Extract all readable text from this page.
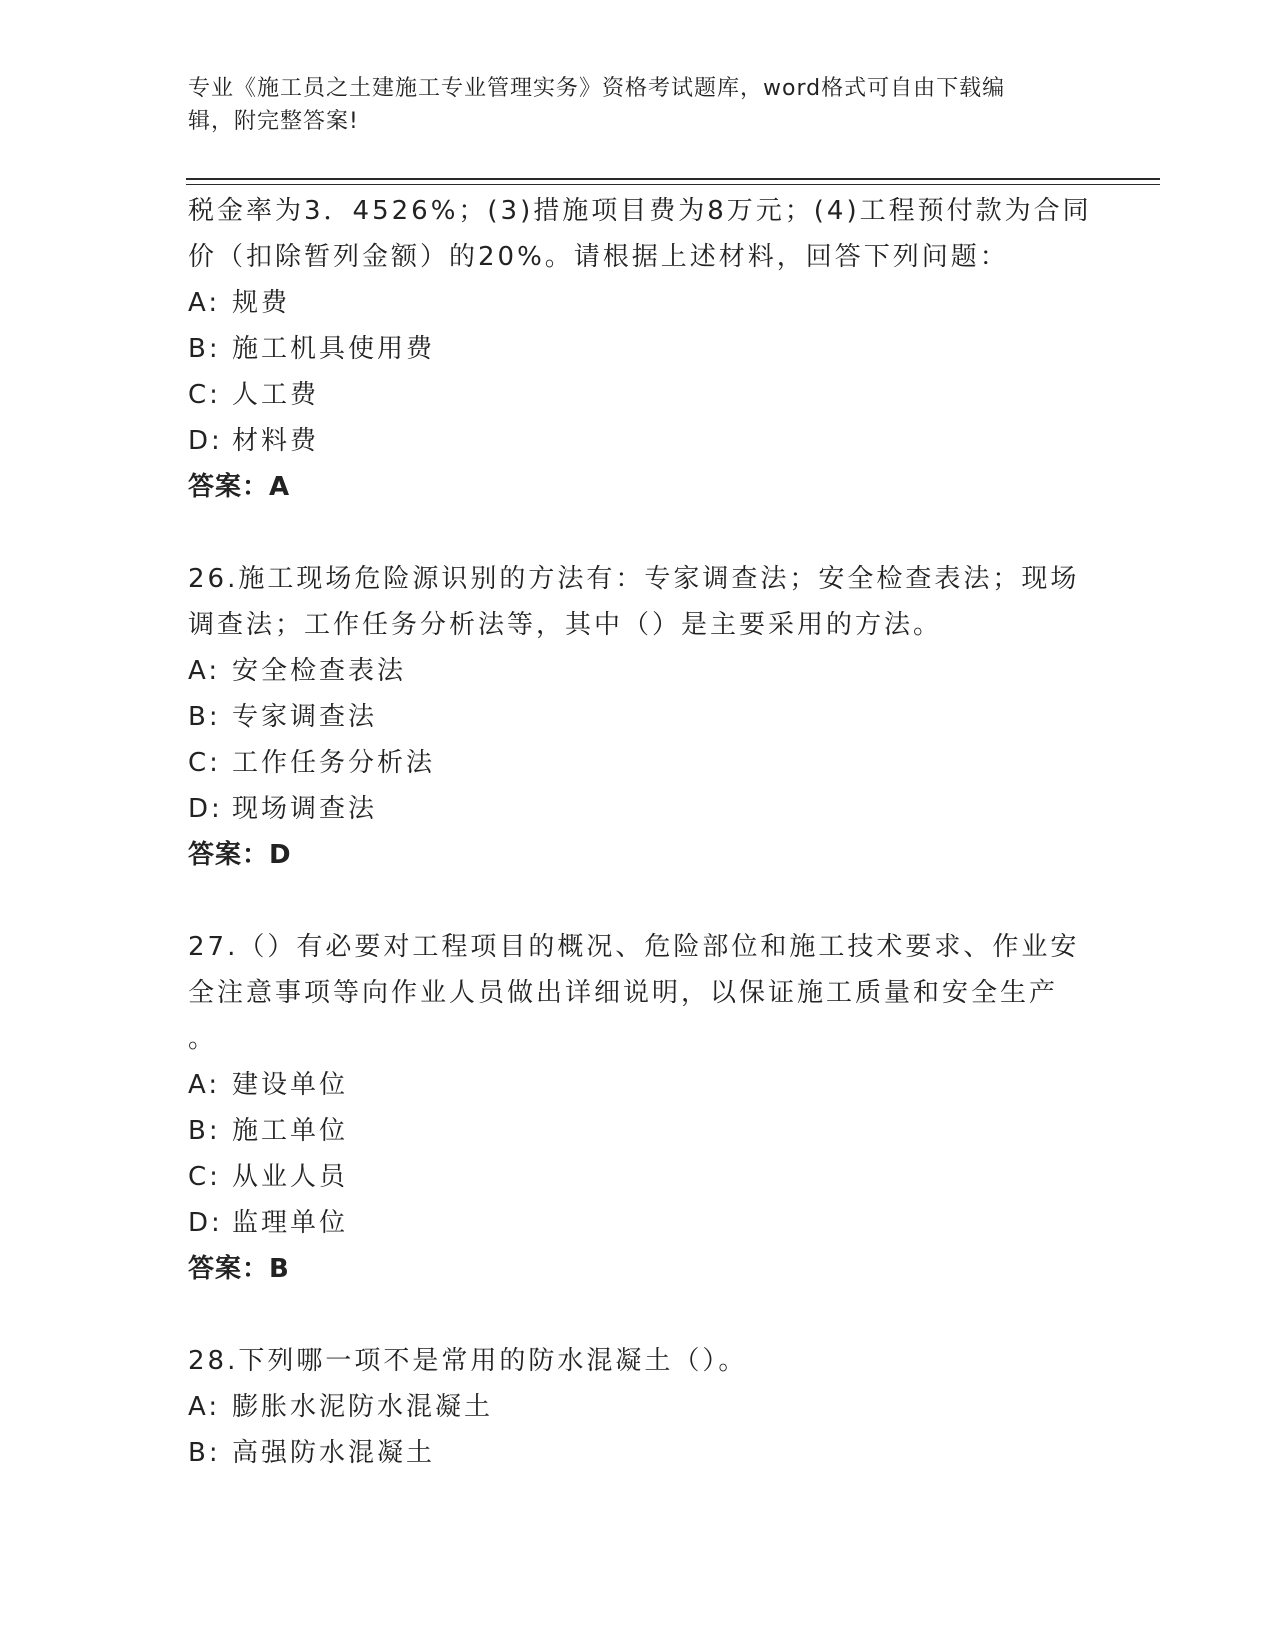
专业《施工员之土建施工专业管理实务》资格考试题库，word格式可自由下载编
辑，附完整答案!
税金率为3．4526%；(3)措施项目费为8万元；(4)工程预付款为合同
价（扣除暂列金额）的20%。请根据上述材料，回答下列问题：
A: 规费
B: 施工机具使用费
C: 人工费
D: 材料费
答案：A
26.施工现场危险源识别的方法有：专家调查法；安全检查表法；现场
调查法；工作任务分析法等，其中（）是主要采用的方法。
A: 安全检查表法
B: 专家调查法
C: 工作任务分析法
D: 现场调查法
答案：D
27.（）有必要对工程项目的概况、危险部位和施工技术要求、作业安
全注意事项等向作业人员做出详细说明，以保证施工质量和安全生产
。
A: 建设单位
B: 施工单位
C: 从业人员
D: 监理单位
答案：B
28.下列哪一项不是常用的防水混凝土（）。
A: 膨胀水泥防水混凝土
B: 高强防水混凝土
